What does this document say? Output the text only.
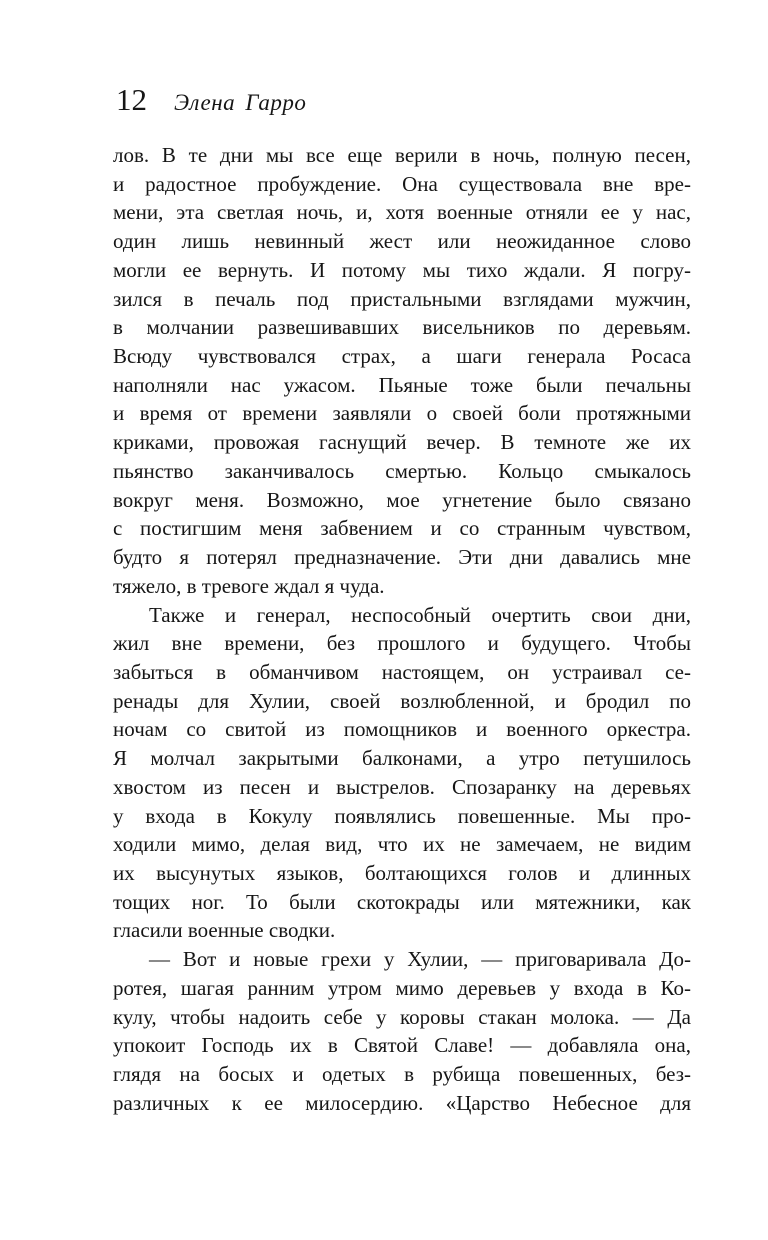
12 Элена Гарро
лов. В те дни мы все еще верили в ночь, полную песен,
и радостное пробуждение. Она существовала вне вре-
мени, эта светлая ночь, и, хотя военные отняли ее у нас,
один лишь невинный жест или неожиданное слово
могли ее вернуть. И потому мы тихо ждали. Я погру-
зился в печаль под пристальными взглядами мужчин,
в молчании развешивавших висельников по деревьям.
Всюду чувствовался страх, а шаги генерала Росаса
наполняли нас ужасом. Пьяные тоже были печальны
и время от времени заявляли о своей боли протяжными
криками, провожая гаснущий вечер. В темноте же их
пьянство заканчивалось смертью. Кольцо смыкалось
вокруг меня. Возможно, мое угнетение было связано
с постигшим меня забвением и со странным чувством,
будто я потерял предназначение. Эти дни давались мне
тяжело, в тревоге ждал я чуда.
Также и генерал, неспособный очертить свои дни,
жил вне времени, без прошлого и будущего. Чтобы
забыться в обманчивом настоящем, он устраивал се-
ренады для Хулии, своей возлюбленной, и бродил по
ночам со свитой из помощников и военного оркестра.
Я молчал закрытыми балконами, а утро петушилось
хвостом из песен и выстрелов. Спозаранку на деревьях
у входа в Кокулу появлялись повешенные. Мы про-
ходили мимо, делая вид, что их не замечаем, не видим
их высунутых языков, болтающихся голов и длинных
тощих ног. То были скотокрады или мятежники, как
гласили военные сводки.
— Вот и новые грехи у Хулии, — приговаривала До-
ротея, шагая ранним утром мимо деревьев у входа в Ко-
кулу, чтобы надоить себе у коровы стакан молока. — Да
упокоит Господь их в Святой Славе! — добавляла она,
глядя на босых и одетых в рубища повешенных, без-
различных к ее милосердию. «Царство Небесное для
